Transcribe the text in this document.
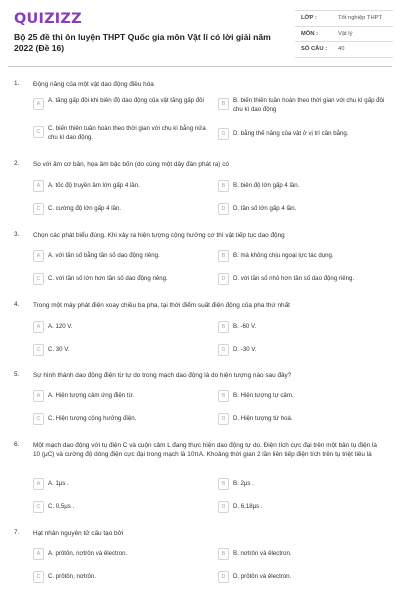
QUIZIZZ
Bộ 25 đề thi ôn luyện THPT Quốc gia môn Vật lí có lời giải năm 2022 (Đề 16)
LỚP :	Tốt nghiệp THPT
MÔN :	Vật lý
SỐ CÂU :	40
1. Động năng của một vật dao động điều hòa
A	A. tăng gấp đôi khi biên độ dao động của vật tăng gấp đôi	B	B. biến thiên tuần hoàn theo thời gian với chu kì gấp đôi chu kì dao động
C	C. biến thiên tuần hoàn theo thời gian với chu kì bằng nửa chu kì dao động.	D	D. bằng thế năng của vật ở vị trí cân bằng.
2. So với âm cơ bản, họa âm bậc bốn (do cùng một dây đàn phát ra) có
A	A. tốc độ truyền âm lớn gấp 4 lần.	B	B. biên độ lớn gấp 4 lần.
C	C. cường độ lớn gấp 4 lần.	D	D. tần số lớn gấp 4 lần.
3. Chọn các phát biểu đúng. Khi xảy ra hiện tượng cộng hưởng cơ thì vật tiếp tục dao động
A	A. với tần số bằng tần số dao động riêng.	B	B. mà không chịu ngoại lực tác dụng.
C	C. với tần số lớn hơn tần số dao động riêng.	D	D. với tần số nhỏ hơn tần số dao động riêng.
4. Trong một máy phát điện xoay chiều ba pha, tại thời điểm suất điện động của pha thứ nhất
A	A. 120 V.	B	B. -60 V.
C	C. 30 V.	D	D. -30 V.
5. Sự hình thành dao động điện từ tự do trong mạch dao động là do hiện tượng nào sau đây?
A	A. Hiện tượng cảm ứng điện từ.	B	B. Hiện tượng tự cảm.
C	C. Hiện tượng cộng hưởng điện.	D	D. Hiện tượng từ hoá.
6. Một mạch dao động với tụ điện C và cuộn cảm L đang thực hiện dao động tự do. Điện tích cực đại trên một bản tụ điện là 10 (μC) và cường độ dòng điện cực đại trong mạch là 10πA. Khoảng thời gian 2 lần liên tiếp điện tích trên tụ triệt tiêu là
A	A. 1μs .	B	B. 2μs .
C	C. 0,5μs .	D	D. 6,18μs .
7. Hạt nhân nguyên tử cấu tạo bởi
A	A. prôtôn, nơtrôn và êlectron.	B	B. nơtrôn và êlectron.
C	C. prôtôn, nơtrôn.	D	D. prôtôn và êlectron.
